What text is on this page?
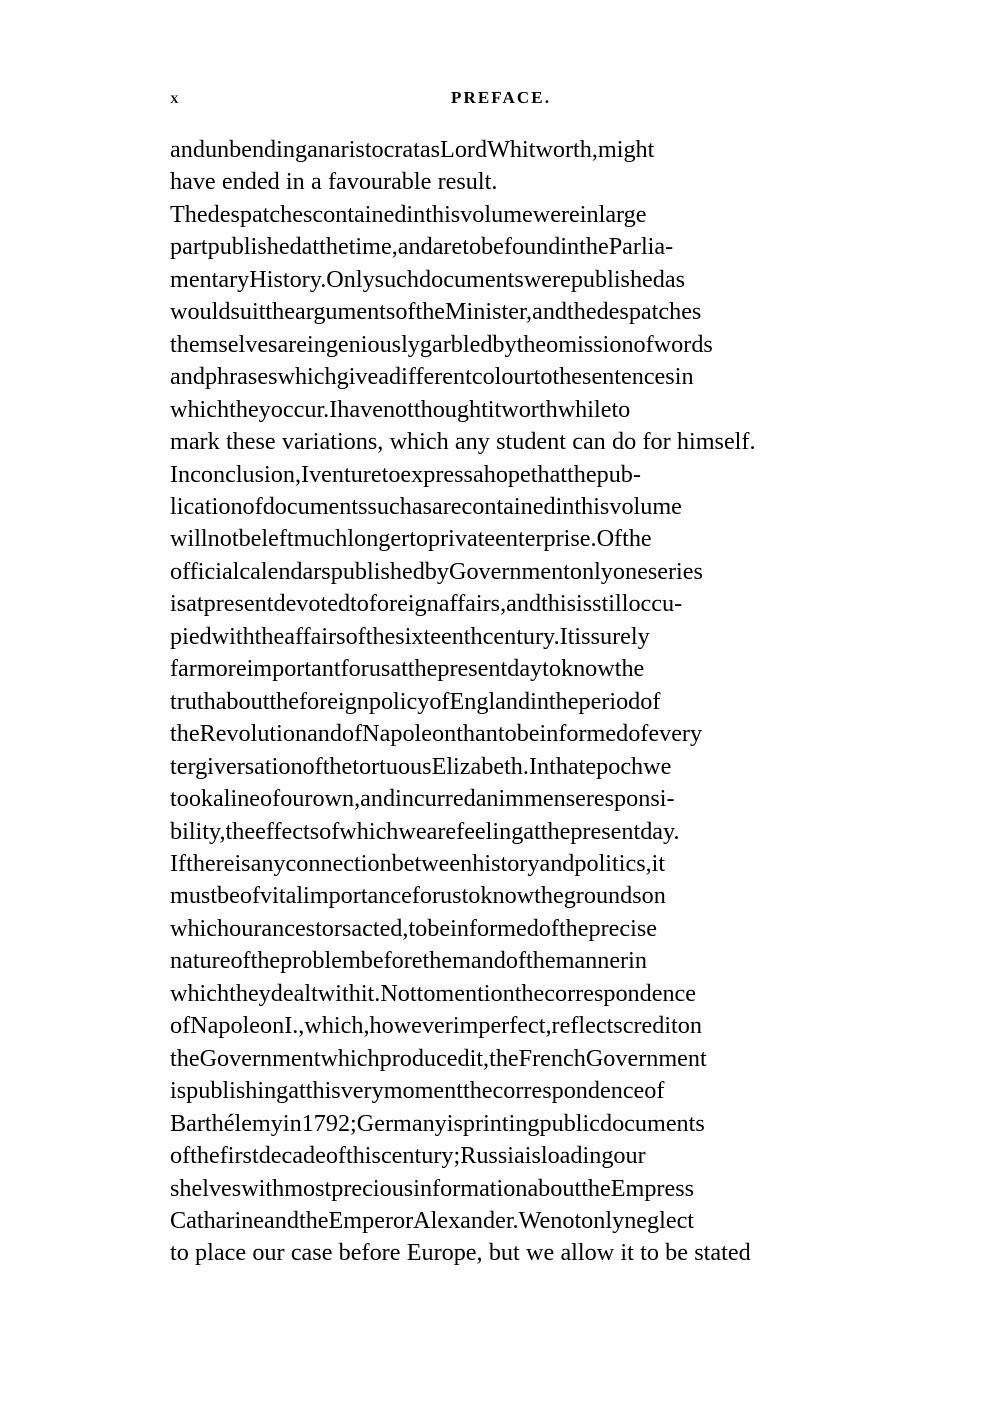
x	PREFACE.

andunbendinganaristocratasLordWhitworth,might
have ended in a favourable result.

Thedespatchescontainedinthisvolumewereinlarge
partpublishedatthetime,andaretobefoundintheParlia-
mentaryHistory.Onlysuchdocumentswerepublishedas
wouldsuittheargumentsoftheMinister,andthedespatches
themselvesareingeniouslygarbledbytheomissionofwords
andphraseswhichgiveadifferentcolourtothesentencesin
whichtheyoccur.Ihavenotthoughtitworthwhileto
mark these variations, which any student can do for himself.

Inconclusion,Iventuretoexpressahopethatthepub-
licationofdocumentssuchasarecontainedinthisvolume
willnotbeleftmuchlongertoprivateenterprise.Ofthe
officialcalendarspublishedbyGovernmentonlyoneseries
isatpresentdevotedtoforeignaffairs,andthisisstilloccu-
piedwiththeaffairsofthesixteenthcentury.Itissurely
farmoreimportantforusatthepresentdaytoknowthe
truthabouttheforeignpolicyofEnglandintheperiodof
theRevolutionandofNapoleonthantobeinformedofevery
tergiversationofthetortuousElizabeth.Inthatepochwe
tookalineofourown,andincurredanimmenseresponsi-
bility,theeffectsofwhichwearefeelingatthepresentday.
Ifthereisanyconnectionbetweenhistoryandpolitics,it
mustbeofvitalimportanceforustoknowthegroundson
whichourancestorsacted,tobeinformedoftheprecise
natureoftheproblembeforethemandofthemannerin
whichtheydealtwithit.Nottomentionthecorrespondence
ofNapoleonI.,which,howeverimperfect,reflectscrediton
theGovernmentwhichproducedit,theFrenchGovernment
ispublishingatthisverymomentthecorrespondenceof
Barthélemyin1792;Germanyisprintingpublicdocuments
ofthefirstdecadeofthiscentury;Russiaisloadingour
shelveswithmostpreciousinformationabouttheEmpress
CatharineandtheEmperorAlexander.Wenotonlyneglect
to place our case before Europe, but we allow it to be stated
